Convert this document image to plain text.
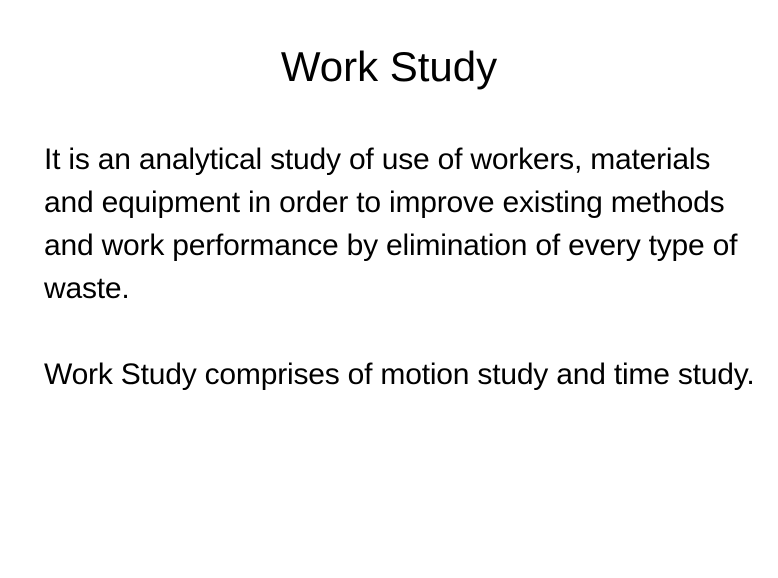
Work Study

It is an analytical study of use of workers, materials and equipment in order to improve existing methods and work performance by elimination of every type of waste.

Work Study comprises of motion study and time study.
